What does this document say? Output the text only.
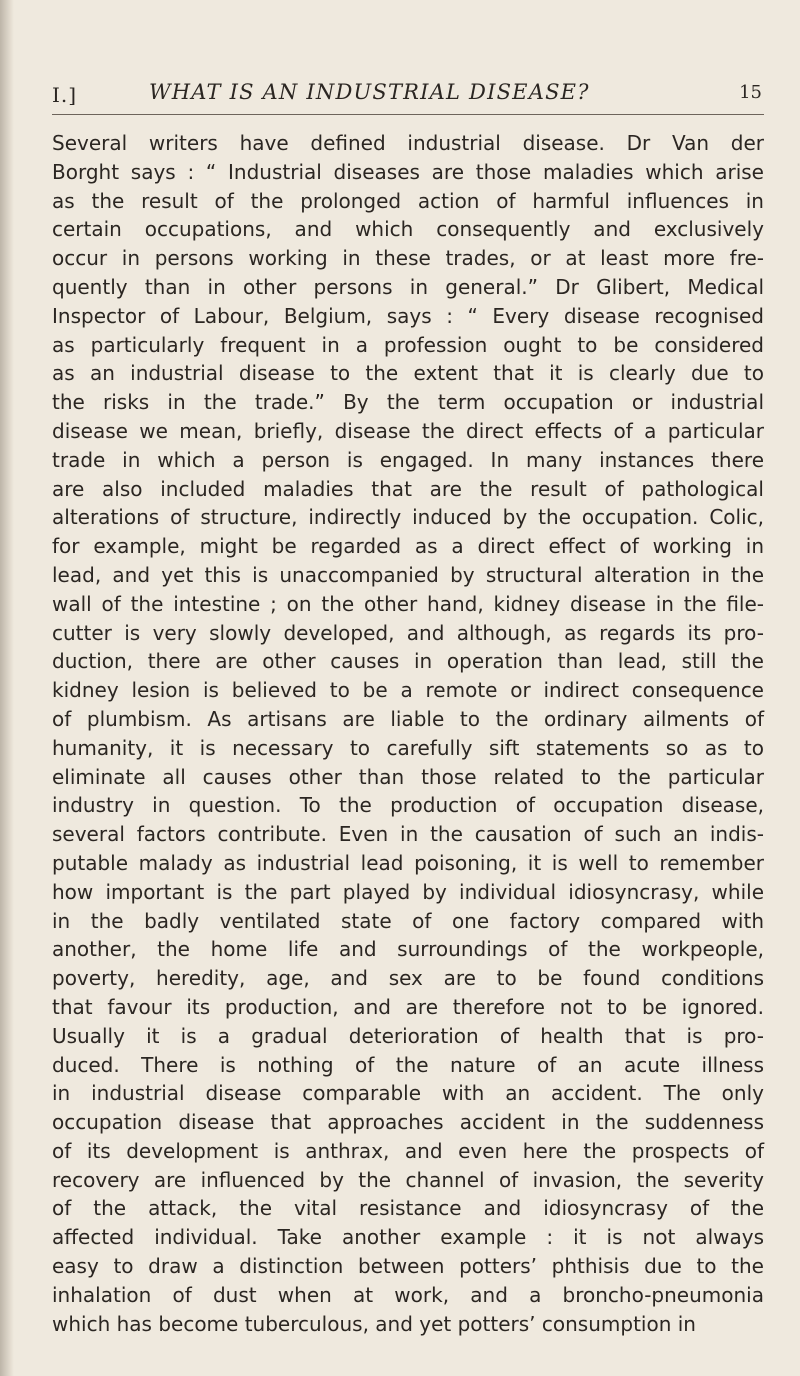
I.]	WHAT IS AN INDUSTRIAL DISEASE?	15
Several writers have defined industrial disease. Dr Van der
Borght says : “ Industrial diseases are those maladies which arise
as the result of the prolonged action of harmful influences in
certain occupations, and which consequently and exclusively
occur in persons working in these trades, or at least more fre-
quently than in other persons in general.” Dr Glibert, Medical
Inspector of Labour, Belgium, says : “ Every disease recognised
as particularly frequent in a profession ought to be considered
as an industrial disease to the extent that it is clearly due to
the risks in the trade.” By the term occupation or industrial
disease we mean, briefly, disease the direct effects of a particular
trade in which a person is engaged. In many instances there
are also included maladies that are the result of pathological
alterations of structure, indirectly induced by the occupation. Colic,
for example, might be regarded as a direct effect of working in
lead, and yet this is unaccompanied by structural alteration in the
wall of the intestine ; on the other hand, kidney disease in the file-
cutter is very slowly developed, and although, as regards its pro-
duction, there are other causes in operation than lead, still the
kidney lesion is believed to be a remote or indirect consequence
of plumbism. As artisans are liable to the ordinary ailments of
humanity, it is necessary to carefully sift statements so as to
eliminate all causes other than those related to the particular
industry in question. To the production of occupation disease,
several factors contribute. Even in the causation of such an indis-
putable malady as industrial lead poisoning, it is well to remember
how important is the part played by individual idiosyncrasy, while
in the badly ventilated state of one factory compared with
another, the home life and surroundings of the workpeople,
poverty, heredity, age, and sex are to be found conditions
that favour its production, and are therefore not to be ignored.
Usually it is a gradual deterioration of health that is pro-
duced. There is nothing of the nature of an acute illness
in industrial disease comparable with an accident. The only
occupation disease that approaches accident in the suddenness
of its development is anthrax, and even here the prospects of
recovery are influenced by the channel of invasion, the severity
of the attack, the vital resistance and idiosyncrasy of the
affected individual. Take another example : it is not always
easy to draw a distinction between potters’ phthisis due to the
inhalation of dust when at work, and a broncho-pneumonia
which has become tuberculous, and yet potters’ consumption in
